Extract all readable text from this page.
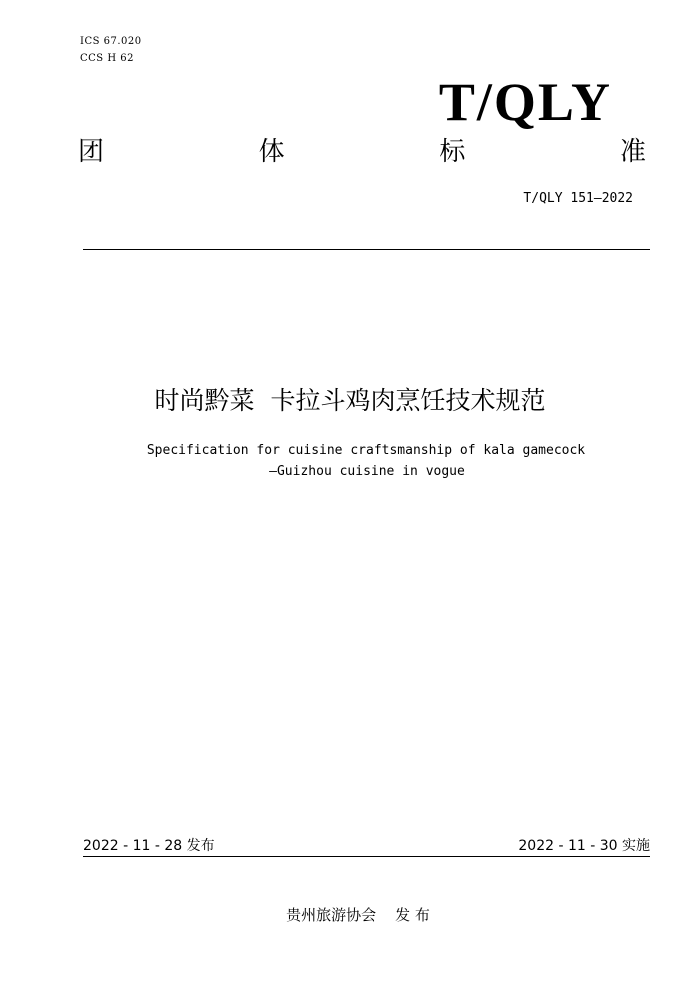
ICS 67.020
CCS H 62
T/QLY
团	体	标	准
T/QLY 151—2022
时尚黔菜  卡拉斗鸡肉烹饪技术规范
Specification for cuisine craftsmanship of kala gamecock
—Guizhou cuisine in vogue
2022 - 11 - 28 发布	2022 - 11 - 30 实施
贵州旅游协会    发 布
